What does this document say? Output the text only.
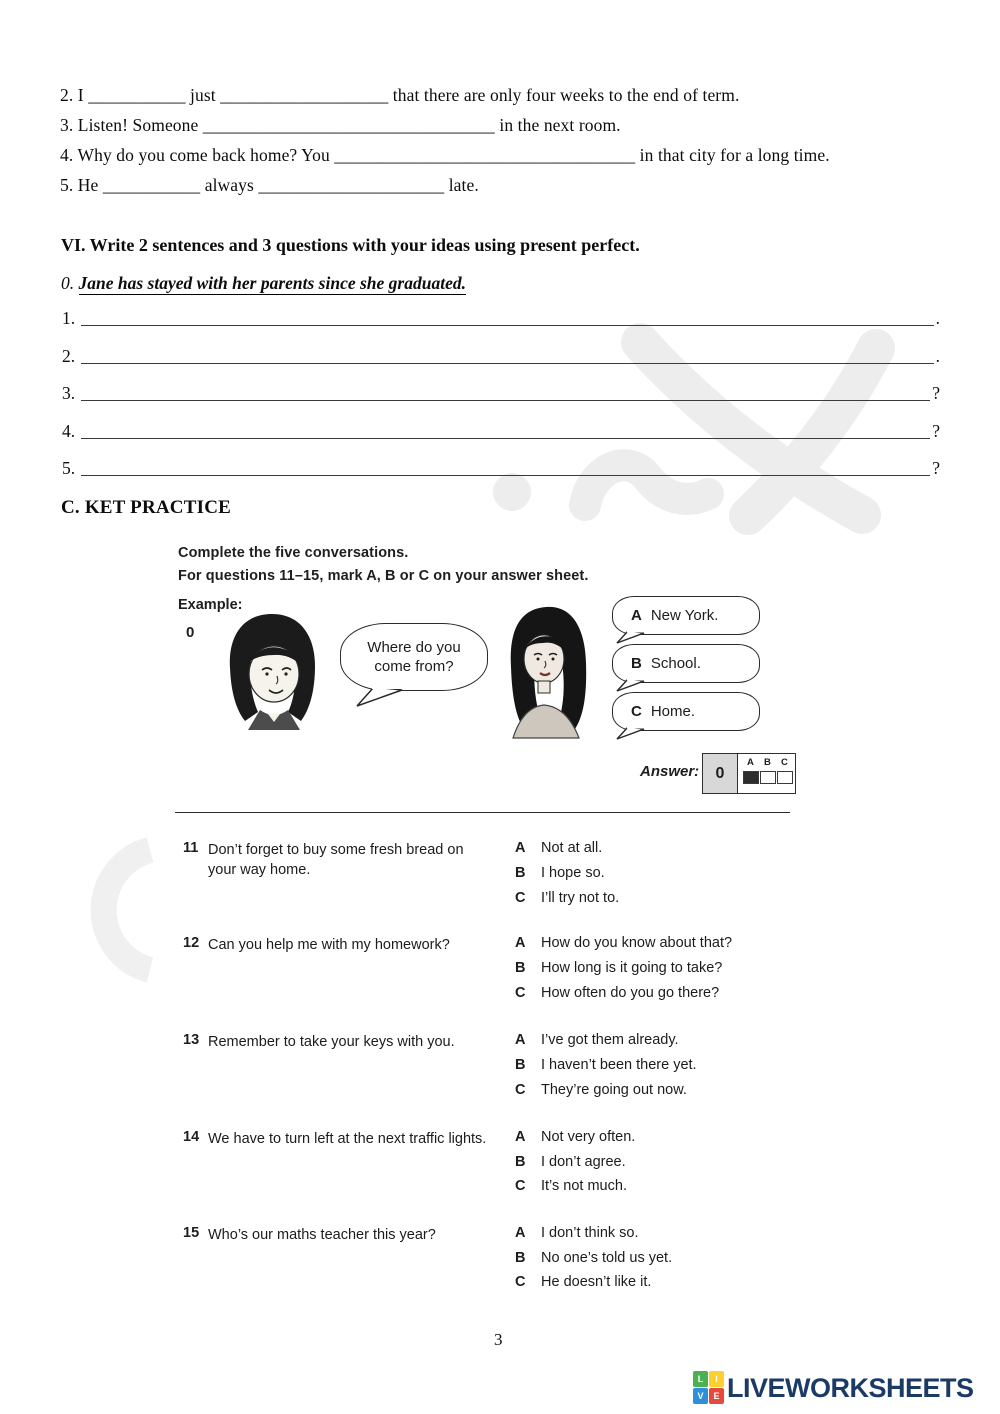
2. I ___________ just ___________________ that there are only four weeks to the end of term.
3. Listen! Someone _________________________________ in the next room.
4. Why do you come back home? You __________________________________ in that city for a long time.
5. He ___________ always _____________________ late.
VI. Write 2 sentences and 3 questions with your ideas using present perfect.
0. Jane has stayed with her parents since she graduated.
1.	.
2.	.
3.	?
4.	?
5.	?
C. KET PRACTICE
Complete the five conversations.
For questions 11–15, mark A, B or C on your answer sheet.
Example:
0
Where do you
come from?
A New York.
B School.
C Home.
Answer:	0
A B C
11 Don’t forget to buy some fresh bread on your way home.
A Not at all.
B I hope so.
C I’ll try not to.
12 Can you help me with my homework?	A How do you know about that?
B How long is it going to take?
C How often do you go there?
13 Remember to take your keys with you.	A I’ve got them already.
B I haven’t been there yet.
C They’re going out now.
14 We have to turn left at the next traffic lights.	A Not very often.
B I don’t agree.
C It’s not much.
15 Who’s our maths teacher this year?	A I don’t think so.
B No one’s told us yet.
C He doesn’t like it.
3
L	I
V	E LIVEWORKSHEETS
